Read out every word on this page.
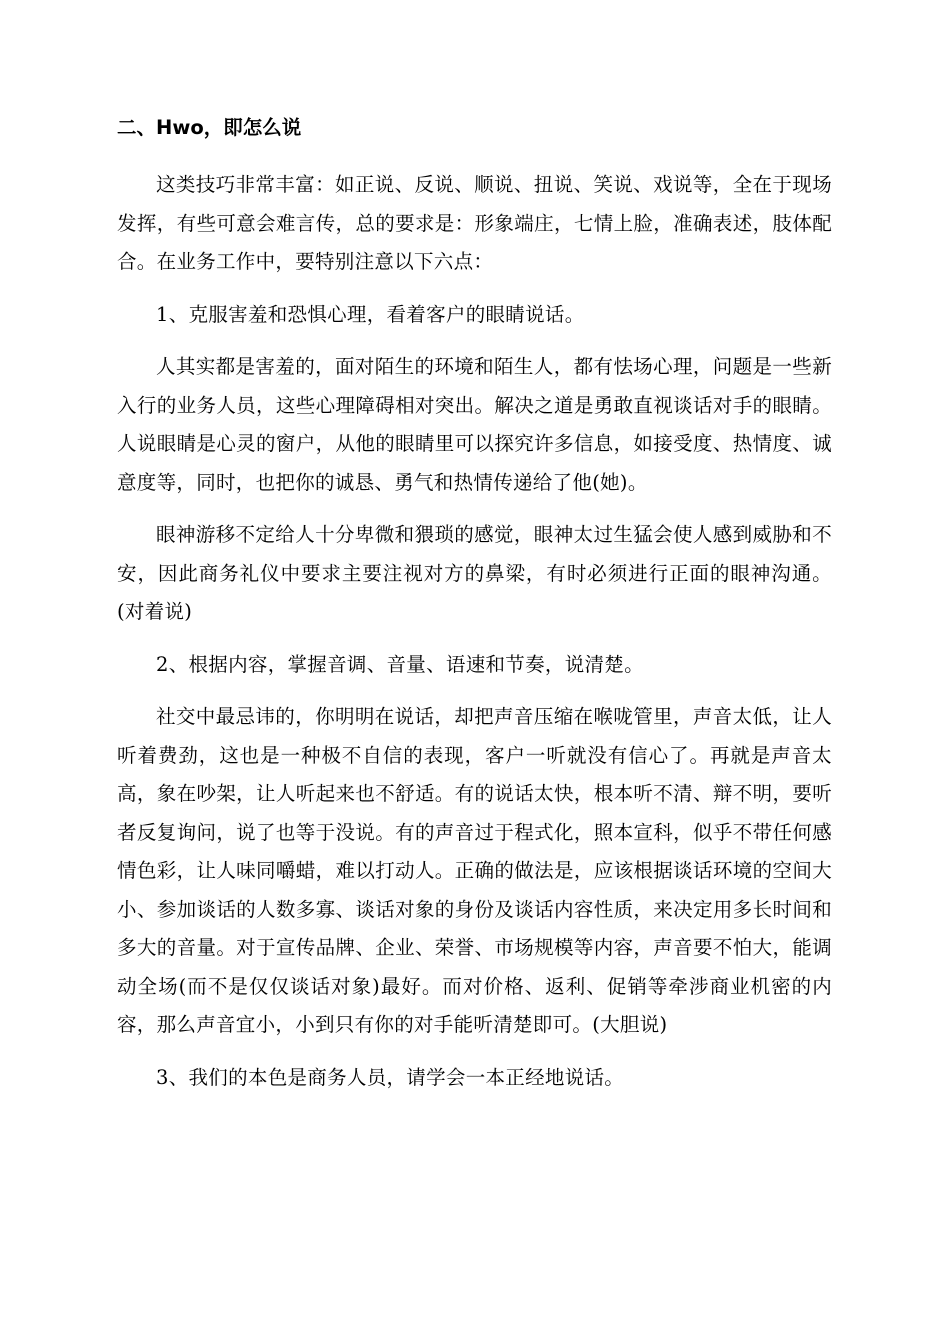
二、Hwo，即怎么说

这类技巧非常丰富：如正说、反说、顺说、扭说、笑说、戏说等，全在于现场发挥，有些可意会难言传，总的要求是：形象端庄，七情上脸，准确表述，肢体配合。在业务工作中，要特别注意以下六点：

1、克服害羞和恐惧心理，看着客户的眼睛说话。

人其实都是害羞的，面对陌生的环境和陌生人，都有怯场心理，问题是一些新入行的业务人员，这些心理障碍相对突出。解决之道是勇敢直视谈话对手的眼睛。人说眼睛是心灵的窗户，从他的眼睛里可以探究许多信息，如接受度、热情度、诚意度等，同时，也把你的诚恳、勇气和热情传递给了他(她)。

眼神游移不定给人十分卑微和猥琐的感觉，眼神太过生猛会使人感到威胁和不安，因此商务礼仪中要求主要注视对方的鼻梁，有时必须进行正面的眼神沟通。(对着说)

2、根据内容，掌握音调、音量、语速和节奏，说清楚。

社交中最忌讳的，你明明在说话，却把声音压缩在喉咙管里，声音太低，让人听着费劲，这也是一种极不自信的表现，客户一听就没有信心了。再就是声音太高，象在吵架，让人听起来也不舒适。有的说话太快，根本听不清、辩不明，要听者反复询问，说了也等于没说。有的声音过于程式化，照本宣科，似乎不带任何感情色彩，让人味同嚼蜡，难以打动人。正确的做法是，应该根据谈话环境的空间大小、参加谈话的人数多寡、谈话对象的身份及谈话内容性质，来决定用多长时间和多大的音量。对于宣传品牌、企业、荣誉、市场规模等内容，声音要不怕大，能调动全场(而不是仅仅谈话对象)最好。而对价格、返利、促销等牵涉商业机密的内容，那么声音宜小，小到只有你的对手能听清楚即可。(大胆说)

3、我们的本色是商务人员，请学会一本正经地说话。
